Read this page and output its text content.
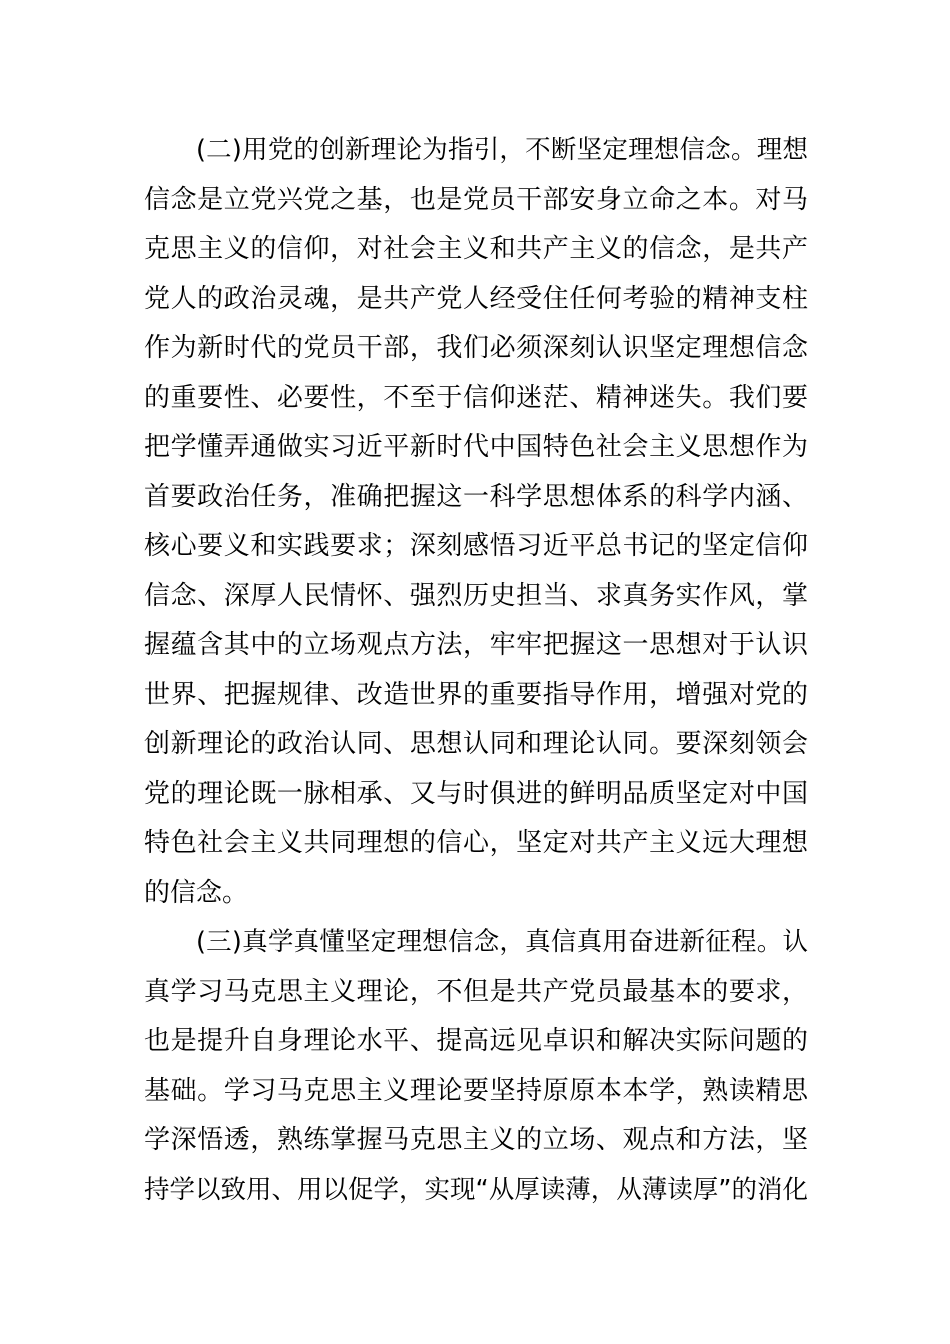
(二)用党的创新理论为指引，不断坚定理想信念。理想
信念是立党兴党之基，也是党员干部安身立命之本。对马
克思主义的信仰，对社会主义和共产主义的信念，是共产
党人的政治灵魂，是共产党人经受住任何考验的精神支柱
作为新时代的党员干部，我们必须深刻认识坚定理想信念
的重要性、必要性，不至于信仰迷茫、精神迷失。我们要
把学懂弄通做实习近平新时代中国特色社会主义思想作为
首要政治任务，准确把握这一科学思想体系的科学内涵、
核心要义和实践要求；深刻感悟习近平总书记的坚定信仰
信念、深厚人民情怀、强烈历史担当、求真务实作风，掌
握蕴含其中的立场观点方法，牢牢把握这一思想对于认识
世界、把握规律、改造世界的重要指导作用，增强对党的
创新理论的政治认同、思想认同和理论认同。要深刻领会
党的理论既一脉相承、又与时俱进的鲜明品质坚定对中国
特色社会主义共同理想的信心，坚定对共产主义远大理想
的信念。
(三)真学真懂坚定理想信念，真信真用奋进新征程。认
真学习马克思主义理论，不但是共产党员最基本的要求，
也是提升自身理论水平、提高远见卓识和解决实际问题的
基础。学习马克思主义理论要坚持原原本本学，熟读精思
学深悟透，熟练掌握马克思主义的立场、观点和方法，坚
持学以致用、用以促学，实现“从厚读薄，从薄读厚”的消化
